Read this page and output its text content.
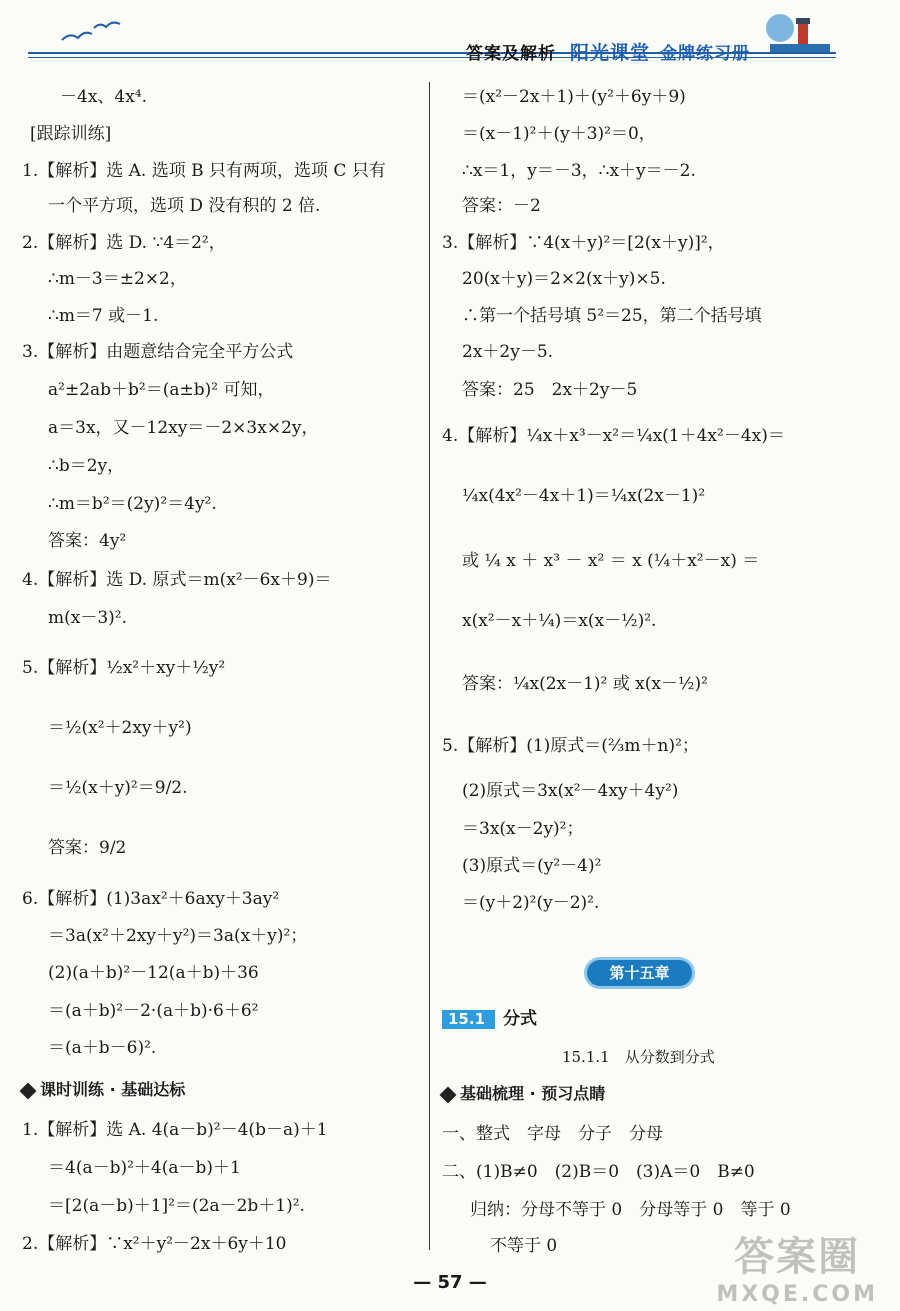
答案及解析 阳光课堂 金牌练习册
－4x、4x⁴.
[跟踪训练]
1.【解析】选 A. 选项 B 只有两项，选项 C 只有
一个平方项，选项 D 没有积的 2 倍.
2.【解析】选 D. ∵4＝2²，
∴m－3＝±2×2，
∴m＝7 或－1.
3.【解析】由题意结合完全平方公式
a²±2ab＋b²＝(a±b)² 可知，
a＝3x，又－12xy＝－2×3x×2y，
∴b＝2y，
∴m＝b²＝(2y)²＝4y².
答案：4y²
4.【解析】选 D. 原式＝m(x²－6x＋9)＝
m(x－3)².
5.【解析】½x²＋xy＋½y²
＝½(x²＋2xy＋y²)
＝½(x＋y)²＝9/2.
答案：9/2
6.【解析】(1)3ax²＋6axy＋3ay²
＝3a(x²＋2xy＋y²)＝3a(x＋y)²；
(2)(a＋b)²－12(a＋b)＋36
＝(a＋b)²－2·(a＋b)·6＋6²
＝(a＋b－6)².
课时训练 · 基础达标
1.【解析】选 A. 4(a－b)²－4(b－a)＋1
＝4(a－b)²＋4(a－b)＋1
＝[2(a－b)＋1]²＝(2a－2b＋1)².
2.【解析】∵x²＋y²－2x＋6y＋10
＝(x²－2x＋1)＋(y²＋6y＋9)
＝(x－1)²＋(y＋3)²＝0，
∴x＝1，y＝－3，∴x＋y＝－2.
答案：－2
3.【解析】∵4(x＋y)²＝[2(x＋y)]²，
20(x＋y)＝2×2(x＋y)×5.
∴第一个括号填 5²＝25，第二个括号填
2x＋2y－5.
答案：25　2x＋2y－5
4.【解析】¼x＋x³－x²＝¼x(1＋4x²－4x)＝
¼x(4x²－4x＋1)＝¼x(2x－1)²
或 ¼ x ＋ x³ － x² ＝ x (¼＋x²－x) ＝
x(x²－x＋¼)＝x(x－½)².
答案：¼x(2x－1)² 或 x(x－½)²
5.【解析】(1)原式＝(⅔m＋n)²；
(2)原式＝3x(x²－4xy＋4y²)
＝3x(x－2y)²；
(3)原式＝(y²－4)²
＝(y＋2)²(y－2)².
第十五章
15.1 分式
15.1.1　从分数到分式
基础梳理 · 预习点睛
一、整式　字母　分子　分母
二、(1)B≠0　(2)B＝0　(3)A＝0　B≠0
归纳：分母不等于 0　分母等于 0　等于 0
不等于 0
— 57 —
答案圈
MXQE.COM
